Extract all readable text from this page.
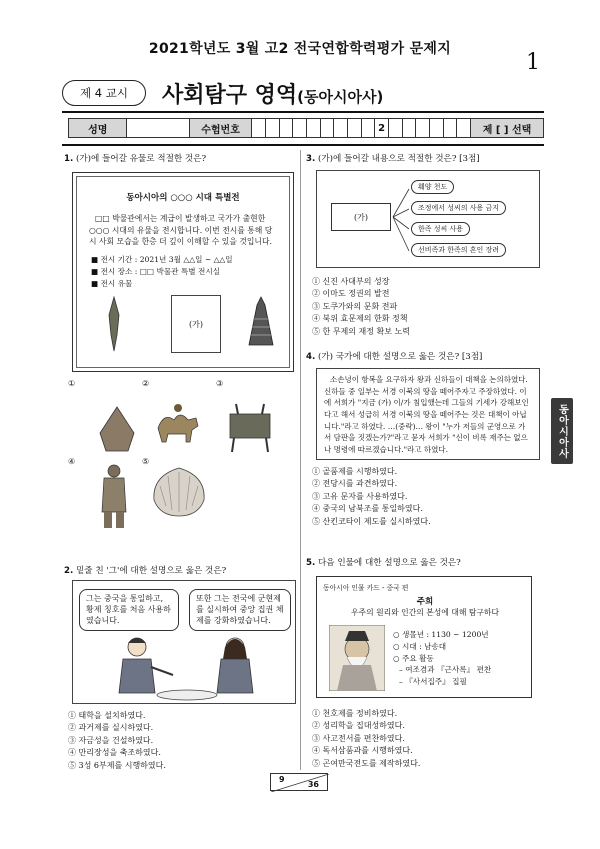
2021학년도 3월 고2 전국연합학력평가 문제지
1
제 4 교시	사회탐구 영역(동아시아사)
성명	수험번호	2	제 [ ] 선택
1. (가)에 들어갈 유물로 적절한 것은?
동아시아의 ○○○ 시대 특별전
□□ 박물관에서는 계급이 발생하고 국가가 출현한 ○○○ 시대의 유물을 전시합니다. 이번 전시를 통해 당시 사회 모습을 한층 더 깊이 이해할 수 있을 것입니다.
■ 전시 기간 : 2021년 3월 △△일 ~ △△일
■ 전시 장소 : □□ 박물관 특별 전시실
■ 전시 유물
(가)
①	②	③
④	⑤
2. 밑줄 친 '그'에 대한 설명으로 옳은 것은?
그는 중국을 통일하고, 황제 칭호를 처음 사용하였습니다.
또한 그는 전국에 군현제를 실시하여 중앙 집권 체제를 강화하였습니다.
① 태학을 설치하였다.
② 과거제를 실시하였다.
③ 자금성을 건설하였다.
④ 만리장성을 축조하였다.
⑤ 3성 6부제를 시행하였다.
3. (가)에 들어갈 내용으로 적절한 것은? [3점]
(가)
훼양 천도
조정에서 성씨의 사용 금지
한족 성씨 사용
선비족과 한족의 혼인 장려
① 신진 사대부의 성장
② 이마도 정권의 발전
③ 도쿠가와의 문화 전파
④ 북위 효문제의 한화 정책
⑤ 한 무제의 재정 확보 노력
4. (가) 국가에 대한 설명으로 옳은 것은? [3점]
소손녕이 항복을 요구하자 왕과 신하들이 대책을 논의하였다. 신하들 중 일부는 서경 이북의 땅을 떼어주자고 주장하였다. 이에 서희가 "지금 (가) 이/가 침입했는데 그들의 기세가 강해보인다고 해서 성급히 서경 이북의 땅을 떼어주는 것은 대책이 아닙니다."라고 하였다. …(중략)… 왕이 "누가 저들의 군영으로 가서 담판을 짓겠는가?"라고 묻자 서희가 "신이 비록 재주는 없으나 명령에 따르겠습니다."라고 하였다.
① 골품제를 시행하였다.
② 전당시를 과견하였다.
③ 고유 문자를 사용하였다.
④ 중국의 남북조를 통일하였다.
⑤ 산킨코타이 제도를 실시하였다.
동아시아사
5. 다음 인물에 대한 설명으로 옳은 것은?
동아시아 인물 카드 - 중국 편
주희
우주의 원리와 인간의 본성에 대해 탐구하다
○ 생몰년 : 1130 ~ 1200년
○ 시대 : 남송대
○ 주요 활동
– 여조겸과 『근사록』 편찬
– 『사서집주』 집필
① 천호제를 정비하였다.
② 성리학을 집대성하였다.
③ 사고전서를 편찬하였다.
④ 독서삼품과를 시행하였다.
⑤ 곤여만국전도를 제작하였다.
9
36
